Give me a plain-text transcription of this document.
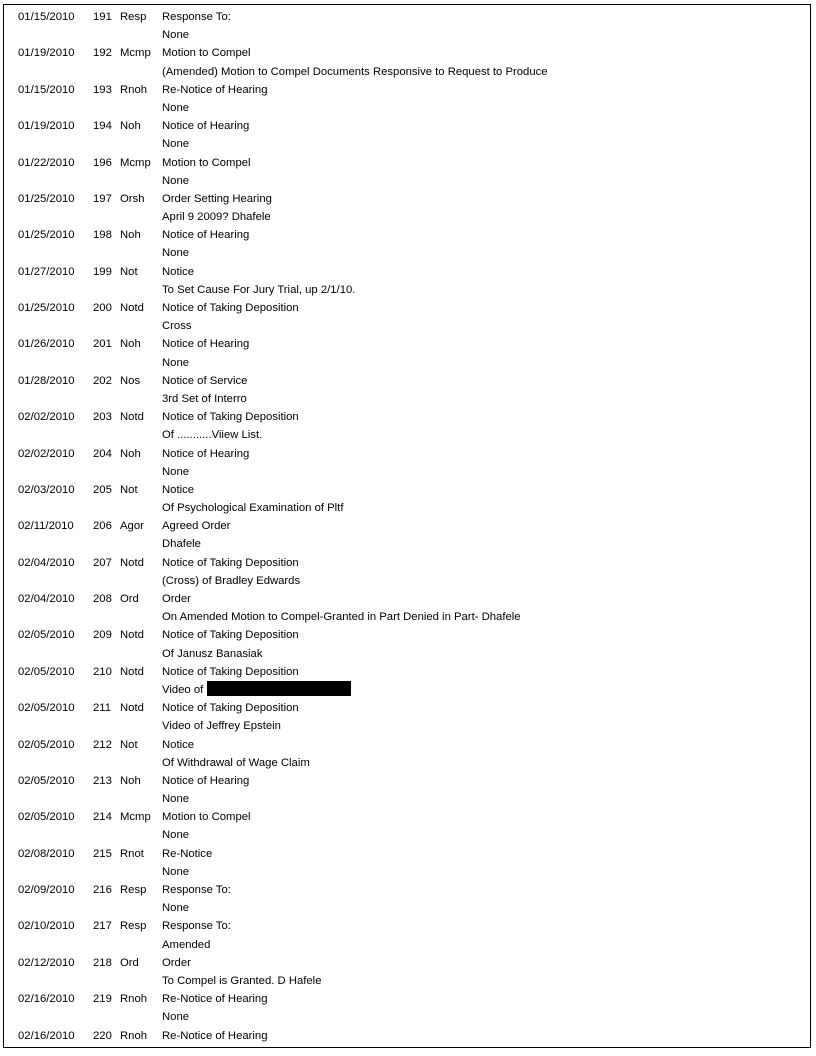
01/15/2010	191 Resp	Response To:
None
01/19/2010	192 Mcmp Motion to Compel
(Amended) Motion to Compel Documents Responsive to Request to Produce
01/15/2010	193 Rnoh	Re-Notice of Hearing
None
01/19/2010	194 Noh	Notice of Hearing
None
01/22/2010	196 Mcmp Motion to Compel
None
01/25/2010	197 Orsh	Order Setting Hearing
April 9 2009? Dhafele
01/25/2010	198 Noh	Notice of Hearing
None
01/27/2010	199 Not	Notice
To Set Cause For Jury Trial, up 2/1/10.
01/25/2010	200 Notd	Notice of Taking Deposition
Cross
01/26/2010	201 Noh	Notice of Hearing
None
01/28/2010	202 Nos	Notice of Service
3rd Set of Interro
02/02/2010	203 Notd	Notice of Taking Deposition
Of ...........Viiew List.
02/02/2010	204 Noh	Notice of Hearing
None
02/03/2010	205 Not	Notice
Of Psychological Examination of Pltf
02/11/2010	206 Agor	Agreed Order
Dhafele
02/04/2010	207 Notd	Notice of Taking Deposition
(Cross) of Bradley Edwards
02/04/2010	208 Ord	Order
On Amended Motion to Compel-Granted in Part Denied in Part- Dhafele
02/05/2010	209 Notd	Notice of Taking Deposition
Of Janusz Banasiak
02/05/2010	210 Notd	Notice of Taking Deposition
Video of
02/05/2010	211 Notd	Notice of Taking Deposition
Video of Jeffrey Epstein
02/05/2010	212 Not	Notice
Of Withdrawal of Wage Claim
02/05/2010	213 Noh	Notice of Hearing
None
02/05/2010	214 Mcmp Motion to Compel
None
02/08/2010	215 Rnot	Re-Notice
None
02/09/2010	216 Resp	Response To:
None
02/10/2010	217 Resp	Response To:
Amended
02/12/2010	218 Ord	Order
To Compel is Granted. D Hafele
02/16/2010	219 Rnoh	Re-Notice of Hearing
None
02/16/2010	220 Rnoh	Re-Notice of Hearing
